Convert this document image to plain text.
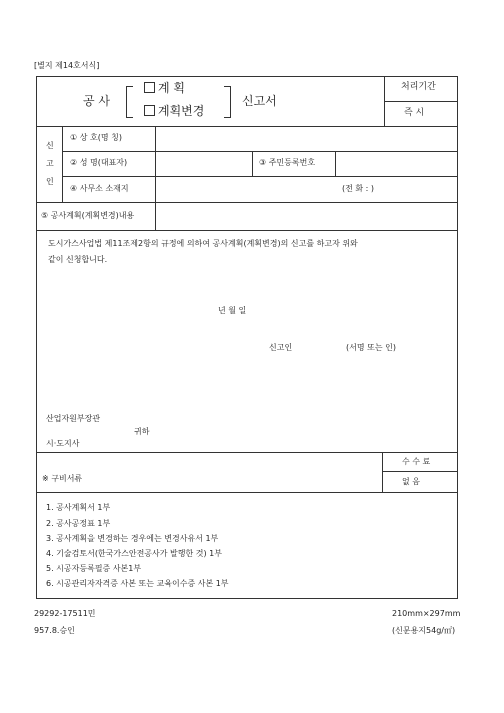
[별지 제14호서식]
처리기간
즉 시
공 사
계 획
계획변경
신고서
신
고
인
① 상 호(명 칭)
② 성 명(대표자)	③ 주민등록번호
④ 사무소 소재지	(전 화 : )
⑤ 공사계획(계획변경)내용
도시가스사업법 제11조제2항의 규정에 의하여 공사계획(계획변경)의 신고를 하고자 위와
같이 신청합니다.
년 월 일
신고인	(서명 또는 인)
산업자원부장관
귀하
시·도지사
수 수 료
없 음
※ 구비서류
1. 공사계획서 1부
2. 공사공정표 1부
3. 공사계획을 변경하는 경우에는 변경사유서 1부
4. 기술검토서(한국가스안전공사가 발행한 것) 1부
5. 시공자등록필증 사본1부
6. 시공관리자자격증 사본 또는 교육이수증 사본 1부
29292-17511민
957.8.승인
210mm×297mm
(신문용지54g/㎡)
